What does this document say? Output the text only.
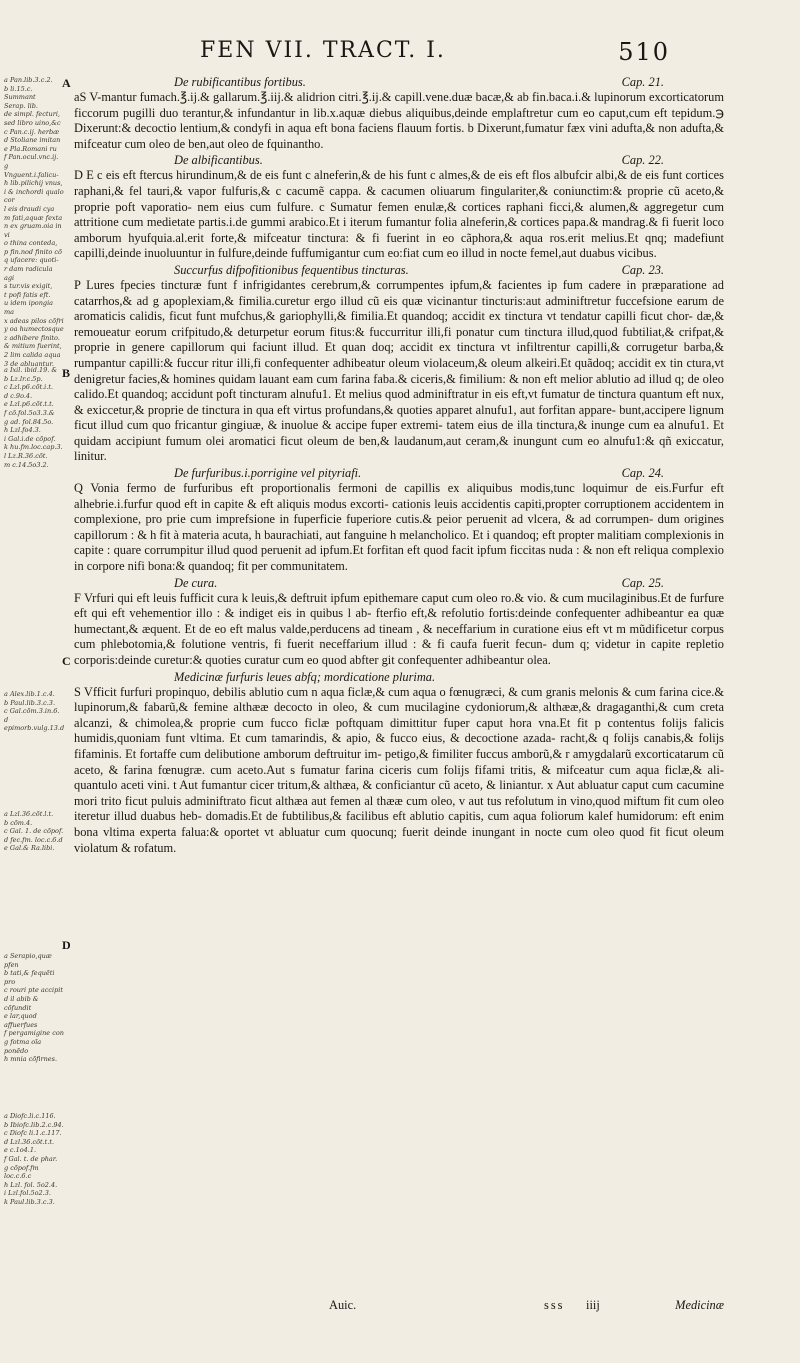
FEN VII. TRACT. I.	510
a Pan.lib.3.c.2.
b li.15.c. Summant
Serap. lib.
de simpl. fecturi,
sed libro uino,&c
c Pan.c.ij. herbæ
d Stoliane imitan
e Pla.Romani ru
f Pan.ocul.vnc.ij.
g Vnguent.i.falicu-
h lib.pilichij vnus,
i & inchordi qualo cor
l eis draudi cya
m fati,aquæ fexta
n ex gruam.oia in vi
o thina conteda,
p fin.nod finito cõ
q ufacere: quoti-
r dam radicula agi
s tur.vis exigit,
t pofi fatis eft.
u idem ipongia ma
x adeas pilos cõfri
y oa humectosque
z adhibere finito.
& mitium fuerint,
2 lim calida aqua
3 de abluantur.
a Ixil. ibid.19. &
b Lz.lr.c.5p.
c Lzl.p6.cõt.i.t.
d c.9o.4.
e Lzl.p6.cõt.t.t.
f cõ.fol.5o3.3.&
g ad. fol.84.5o.
h Lzl.fo4.3.
i Gal.i.de cõpof.
k hu.fm.loc.cap.3.
l Lz.R.36.cõt.
m c.14.5o3.2.
a Alex.lib.1.c.4.
b Paul.lib.3.c.3.
c Gal.cõm.3.in.6.
d epimorb.vulg.13.d
a Lzl.36.cõt.l.t.
b cõm.4.
c Gal. 1. de cõpof.
d fec.fm. loc.c.6.d
e Gal.& Ra.libi.
a Serapio,quæ pfen
b tati,& fequẽti pro
c rouri pte accipit
d il abib & cõfundit
e lar,quod affuerfues
f pergamigine con
g fotma oĩa ponẽdo
h mnia cõfirnes.
a Diofc.li.c.116.
b Ibiofc.lib.2.c.94.
c Diofc li.1.c.117.
d Lzl.36.cõt.t.t.
e c.1o4.1.
f Gal. t. de phar.
g cõpof.fm loc.c.6.c
h Lzl. fol. 5o2.4.
i Lzl.fol.5o2.3.
k Paul.lib.3.c.3.
A
B
C
D
De rubificantibus fortibus.	Cap. 21.

aS V-mantur fumach.℥.ij.& gallarum.℥.iij.& alidrion citri.℥.ij.& capill.vene.duæ bacæ,& ab fin.baca.i.& lupinorum excorticatorum ficcorum pugilli duo terantur,& infundantur in lib.x.aquæ diebus aliquibus,deinde emplaftretur cum eo caput,cum eft tepidum.℈ Dixerunt:& decoctio lentium,& condyfi in aqua eft bona faciens flauum fortis. b Dixerunt,fumatur fæx vini adufta,& non adufta,& mifceatur cum oleo de ben,aut oleo de fquinantho.

De albificantibus.	Cap. 22.

D E c eis eft ftercus hirundinum,& de eis funt c alneferin,& de his funt c almes,& de eis eft flos albufcir albi,& de eis funt cortices raphani,& fel tauri,& vapor fulfuris,& c cacumẽ cappa. & cacumen oliuarum fingulariter,& coniunctim:& proprie cũ aceto,& proprie poft vaporatio- nem eius cum fulfure. c Sumatur femen enulæ,& cortices raphani ficci,& alumen,& aggregetur cum attritione cum medietate partis.i.de gummi arabico.Et i iterum fumantur folia alneferin,& cortices papa.& mandrag.& fi fuerit loco amborum hyufquia.al.erit forte,& mifceatur tinctura: & fi fuerint in eo cãphora,& aqua ros.erit melius.Et qnq; madefiunt capilli,deinde inuoluuntur in fulfure,deinde fuffumigantur cum eo:fiat cum eo illud in nocte femel,aut duabus vicibus.

Succurfus difpofitionibus fequentibus tincturas.	Cap. 23.

P Lures fpecies tincturæ funt f infrigidantes cerebrum,& corrumpentes ipfum,& facientes ip fum cadere in præparatione ad catarrhos,& ad g apoplexiam,& fimilia.curetur ergo illud cũ eis quæ vicinantur tincturis:aut adminiftretur fuccefsione earum de aromaticis calidis, ficut funt mufchus,& gariophylli,& fimilia.Et quandoq; accidit ex tinctura vt tendatur capilli ficut chor- dæ,& remoueatur eorum crifpitudo,& deturpetur eorum fitus:& fuccurritur illi,fi ponatur cum tinctura illud,quod fubtiliat,& crifpat,& proprie in genere capillorum qui faciunt illud. Et quan doq; accidit ex tinctura vt infiltrentur capilli,& corrugetur barba,& rumpantur capilli:& fuccur ritur illi,fi confequenter adhibeatur oleum violaceum,& oleum alkeiri.Et quãdoq; accidit ex tin ctura,vt denigretur facies,& homines quidam lauant eam cum farina faba.& ciceris,& fimilium: & non eft melior ablutio ad illud q; de oleo calido.Et quandoq; accidunt poft tincturam alnufu1. Et melius quod adminiftratur in eis eft,vt fumatur de tinctura quantum eft nux, & exiccetur,& proprie de tinctura in qua eft virtus profundans,& quoties apparet alnufu1, aut forfitan appare- bunt,accipere lignum ficut illud cum quo fricantur gingiuæ, & inuolue & accipe fuper extremi- tatem eius de illa tinctura,& inunge cum ea alnufu1. Et quidam accipiunt fumum olei aromatici ficut oleum de ben,& laudanum,aut ceram,& inungunt cum eo alnufu1:& qñ exiccatur, linitur.

De furfuribus.i.porrigine vel pityriafi.	Cap. 24.

Q Vonia fermo de furfuribus eft proportionalis fermoni de capillis ex aliquibus modis,tunc loquimur de eis.Furfur eft alhebrie.i.furfur quod eft in capite & eft aliquis modus excorti- cationis leuis accidentis capiti,propter corruptionem accidentem in complexione, pro prie cum imprefsione in fuperficie fuperiore cutis.& peior peruenit ad vlcera, & ad corrumpen- dum origines capillorum : & h fit à materia acuta, h baurachiati, aut fanguine h melancholico. Et i quandoq; eft propter malitiam complexionis in capite : quare corrumpitur illud quod peruenit ad ipfum.Et forfitan eft quod facit ipfum ficcitas nuda : & non eft reliqua complexio in corpore nifi bona:& quandoq; fit per communitatem.

De cura.	Cap. 25.

F Vrfuri qui eft leuis fufficit cura k leuis,& deftruit ipfum epithemare caput cum oleo ro.& vio. & cum mucilaginibus.Et de furfure eft qui eft vehementior illo : & indiget eis in quibus l ab- fterfio eft,& refolutio fortis:deinde confequenter adhibeantur ea quæ humectant,& æquent. Et de eo eft malus valde,perducens ad tineam , & neceffarium in curatione eius eft vt m mũdificetur corpus cum phlebotomia,& folutione ventris, fi fuerit neceffarium illud : & fi caufa fuerit fecun- dum q; videtur in capite repletio corporis:deinde curetur:& quoties curatur cum eo quod abfter git confequenter adhibeantur olea.

Medicinæ furfuris leues abfq; mordicatione plurima.

S Vfficit furfuri propinquo, debilis ablutio cum n aqua ficlæ,& cum aqua o fœnugræci, & cum granis melonis & cum farina cice.& lupinorum,& fabarũ,& femine althææ decocto in oleo, & cum mucilagine cydoniorum,& althææ,& dragaganthi,& cum creta alcanzi, & chimolea,& proprie cum fucco ficlæ poftquam dimittitur fuper caput hora vna.Et fit p contentus folijs falicis humidis,quoniam funt vltima. Et cum tamarindis, & apio, & fucco eius, & decoctione azada- racht,& q folijs canabis,& folijs fifaminis. Et fortaffe cum delibutione amborum deftruitur im- petigo,& fimiliter fuccus amborũ,& r amygdalarũ excorticatarum cũ aceto, & farina fœnugræ. cum aceto.Aut s fumatur farina ciceris cum folijs fifami tritis, & mifceatur cum aqua ficlæ,& ali- quantulo aceti vini. t Aut fumantur cicer tritum,& althæa, & conficiantur cũ aceto, & liniantur. x Aut abluatur caput cum cacumine mori trito ficut puluis adminiftrato ficut althæa aut femen al thææ cum oleo, v aut tus refolutum in vino,quod miftum fit cum oleo iteretur illud duabus heb- domadis.Et de fubtilibus,& facilibus eft ablutio capitis, cum aqua foliorum kalef humidorum: eft enim bona vltima experta falua:& oportet vt abluatur cum quocunq; fuerit deinde inungant in nocte cum oleo quod fit ficut oleum violatum & rofatum.

Auic.	sss iiij	Medicinæ
